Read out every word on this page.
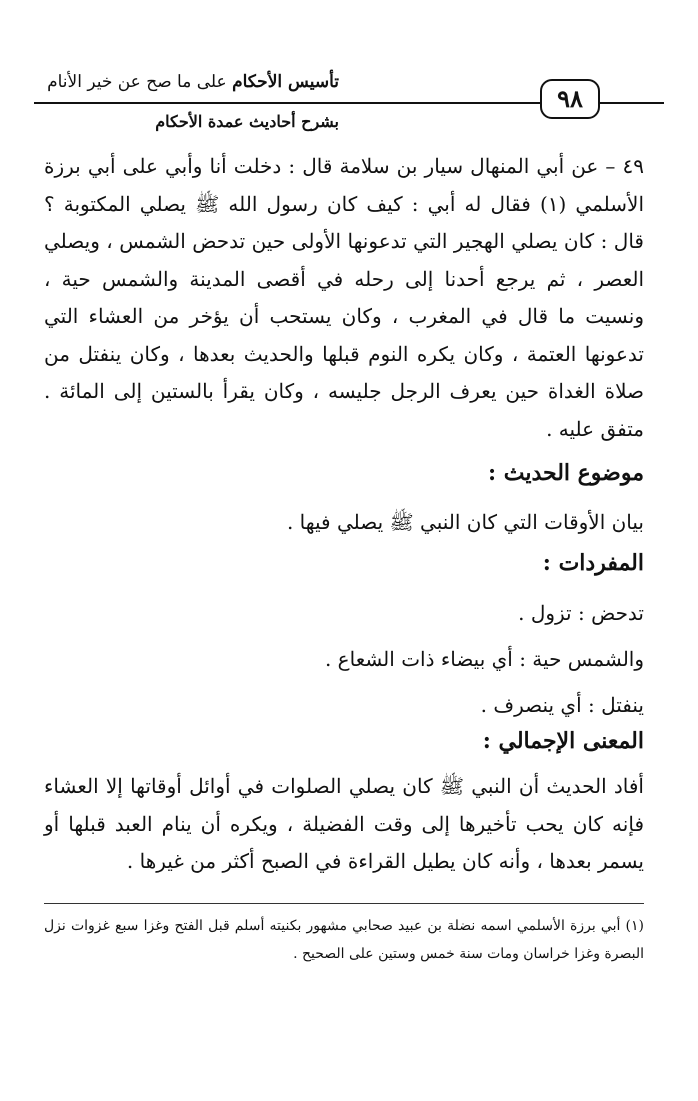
تأسيس الأحكام على ما صح عن خير الأنام
٩٨
بشرح أحاديث عمدة الأحكام
٤٩ – عن أبي المنهال سيار بن سلامة قال : دخلت أنا وأبي على أبي برزة الأسلمي (١) فقال له أبي : كيف كان رسول الله ﷺ يصلي المكتوبة ؟ قال : كان يصلي الهجير التي تدعونها الأولى حين تدحض الشمس ، ويصلي العصر ، ثم يرجع أحدنا إلى رحله في أقصى المدينة والشمس حية ، ونسيت ما قال في المغرب ، وكان يستحب أن يؤخر من العشاء التي تدعونها العتمة ، وكان يكره النوم قبلها والحديث بعدها ، وكان ينفتل من صلاة الغداة حين يعرف الرجل جليسه ، وكان يقرأ بالستين إلى المائة . متفق عليه .
موضوع الحديث :
بيان الأوقات التي كان النبي ﷺ يصلي فيها .
المفردات :
تدحض : تزول .
والشمس حية : أي بيضاء ذات الشعاع .
ينفتل : أي ينصرف .
المعنى الإجمالي :
أفاد الحديث أن النبي ﷺ كان يصلي الصلوات في أوائل أوقاتها إلا العشاء فإنه كان يحب تأخيرها إلى وقت الفضيلة ، ويكره أن ينام العبد قبلها أو يسمر بعدها ، وأنه كان يطيل القراءة في الصبح أكثر من غيرها .
(١) أبي برزة الأسلمي اسمه نضلة بن عبيد صحابي مشهور بكنيته أسلم قبل الفتح وغزا سبع غزوات نزل البصرة وغزا خراسان ومات سنة خمس وستين على الصحيح .
